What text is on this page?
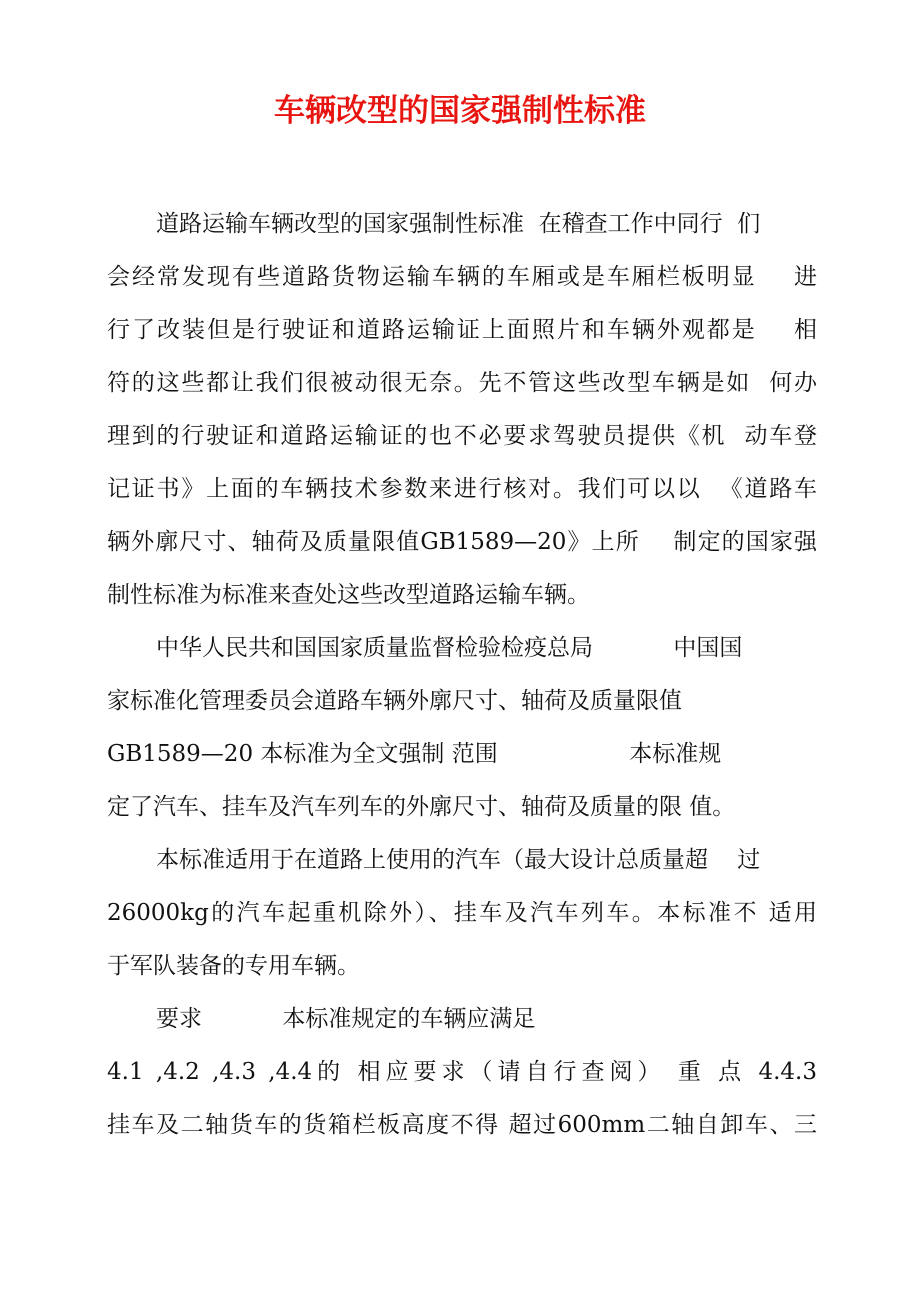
车辆改型的国家强制性标准
道路运输车辆改型的国家强制性标准  在稽查工作中同行  们
会经常发现有些道路货物运输车辆的车厢或是车厢栏板明显    进
行了改装但是行驶证和道路运输证上面照片和车辆外观都是    相
符的这些都让我们很被动很无奈。先不管这些改型车辆是如  何办
理到的行驶证和道路运输证的也不必要求驾驶员提供《机  动车登
记证书》上面的车辆技术参数来进行核对。我们可以以  《道路车
辆外廓尺寸、轴荷及质量限值GB1589—20》上所    制定的国家强
制性标准为标准来查处这些改型道路运输车辆。
中华人民共和国国家质量监督检验检疫总局           中国国
家标准化管理委员会道路车辆外廓尺寸、轴荷及质量限值
GB1589—20 本标准为全文强制 范围                  本标准规
定了汽车、挂车及汽车列车的外廓尺寸、轴荷及质量的限 值。
本标准适用于在道路上使用的汽车（最大设计总质量超    过
26000kg的汽车起重机除外）、挂车及汽车列车。本标准不 适用
于军队装备的专用车辆。
要求           本标准规定的车辆应满足
4.1 ,4.2 ,4.3 ,4.4的 相应要求（请自行查阅） 重 点 4.4.3
挂车及二轴货车的货箱栏板高度不得 超过600mm二轴自卸车、三
